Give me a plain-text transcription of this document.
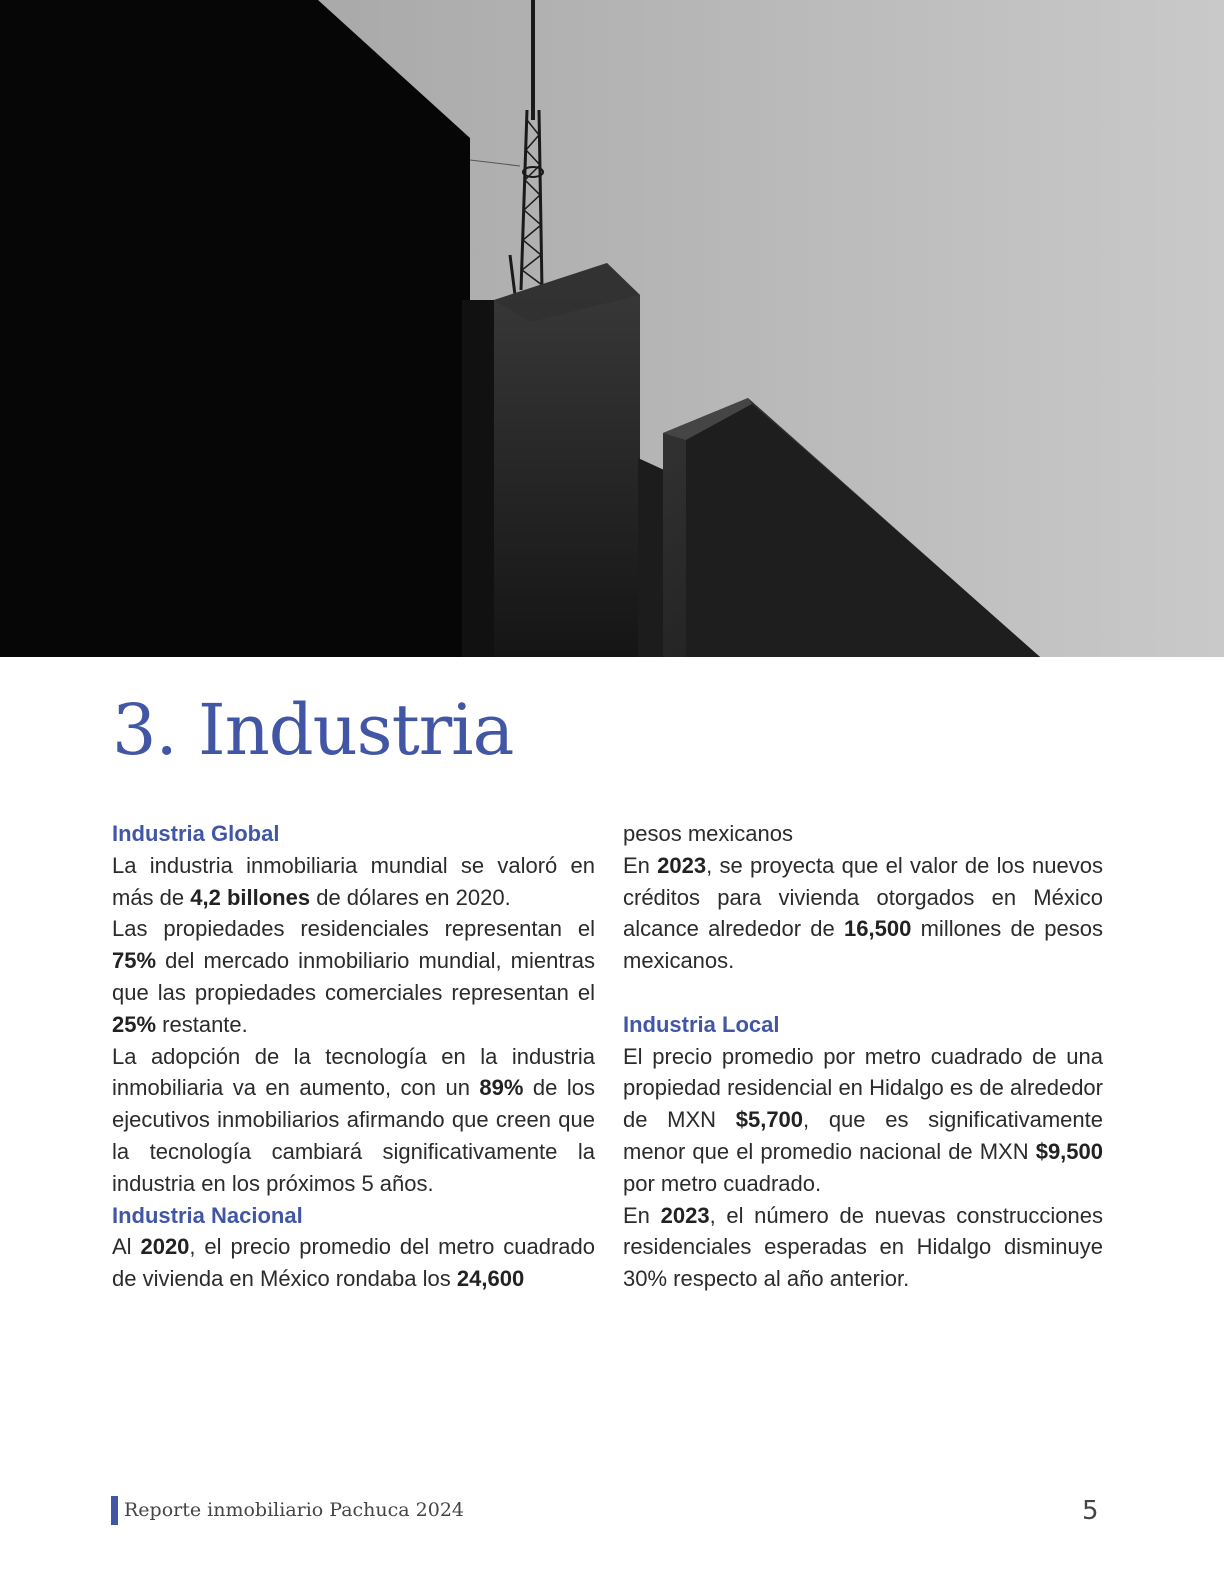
3. Industria
Industria Global

La industria inmobiliaria mundial se valoró en más de 4,2 billones de dólares en 2020.

Las propiedades residenciales representan el 75% del mercado inmobiliario mundial, mientras que las propiedades comerciales representan el 25% restante.

La adopción de la tecnología en la industria inmobiliaria va en aumento, con un 89% de los ejecutivos inmobiliarios afirmando que creen que la tecnología cambiará significativamente la industria en los próximos 5 años.

Industria Nacional

Al 2020, el precio promedio del metro cuadrado de vivienda en México rondaba los 24,600

pesos mexicanos

En 2023, se proyecta que el valor de los nuevos créditos para vivienda otorgados en México alcance alrededor de 16,500 millones de pesos mexicanos.

Industria Local

El precio promedio por metro cuadrado de una propiedad residencial en Hidalgo es de alrededor de MXN $5,700, que es significativamente menor que el promedio nacional de MXN $9,500 por metro cuadrado.

En 2023, el número de nuevas construcciones residenciales esperadas en Hidalgo disminuye 30% respecto al año anterior.

Reporte inmobiliario Pachuca 2024	5
